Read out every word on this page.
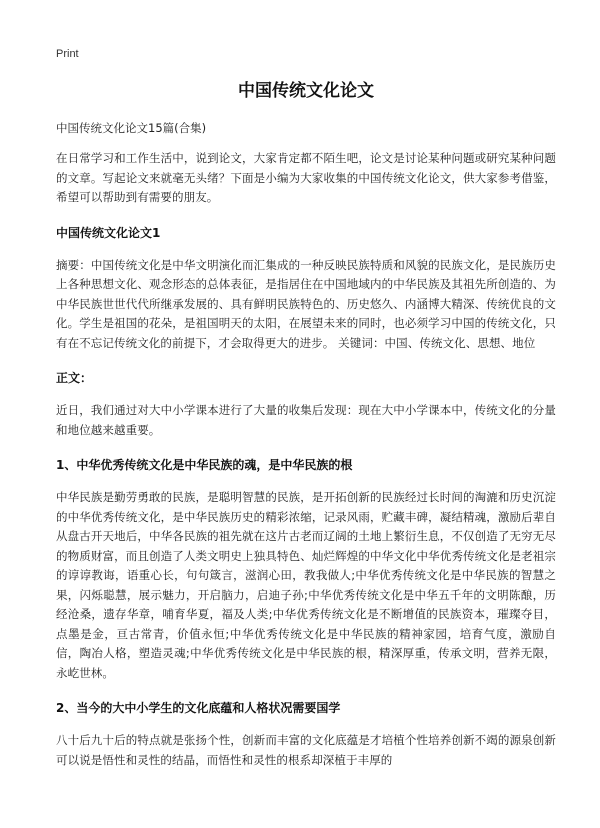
Print
中国传统文化论文
中国传统文化论文15篇(合集)

在日常学习和工作生活中，说到论文，大家肯定都不陌生吧，论文是讨论某种问题或研究某种问题的文章。写起论文来就毫无头绪？下面是小编为大家收集的中国传统文化论文，供大家参考借鉴，希望可以帮助到有需要的朋友。

中国传统文化论文1

摘要：中国传统文化是中华文明演化而汇集成的一种反映民族特质和风貌的民族文化，是民族历史上各种思想文化、观念形态的总体表征，是指居住在中国地域内的中华民族及其祖先所创造的、为中华民族世世代代所继承发展的、具有鲜明民族特色的、历史悠久、内涵博大精深、传统优良的文化。学生是祖国的花朵，是祖国明天的太阳，在展望未来的同时，也必须学习中国的传统文化，只有在不忘记传统文化的前提下，才会取得更大的进步。 关键词：中国、传统文化、思想、地位

正文：

近日，我们通过对大中小学课本进行了大量的收集后发现：现在大中小学课本中，传统文化的分量和地位越来越重要。

1、中华优秀传统文化是中华民族的魂，是中华民族的根

中华民族是勤劳勇敢的民族，是聪明智慧的民族，是开拓创新的民族经过长时间的淘漉和历史沉淀的中华优秀传统文化，是中华民族历史的精彩浓缩，记录风雨，贮藏丰碑，凝结精魂，激励后辈自从盘古开天地后，中华各民族的祖先就在这片古老而辽阔的土地上繁衍生息，不仅创造了无穷无尽的物质财富，而且创造了人类文明史上独具特色、灿烂辉煌的中华文化中华优秀传统文化是老祖宗的谆谆教诲，语重心长，句句箴言，滋润心田，教我做人;中华优秀传统文化是中华民族的智慧之果，闪烁聪慧，展示魅力，开启脑力，启迪子孙;中华优秀传统文化是中华五千年的文明陈酿，历经沧桑，遗存华章，哺育华夏，福及人类;中华优秀传统文化是不断增值的民族资本，璀璨夺目，点墨是金，亘古常青，价值永恒;中华优秀传统文化是中华民族的精神家园，培育气度，激励自信，陶冶人格，塑造灵魂;中华优秀传统文化是中华民族的根，精深厚重，传承文明，营养无限，永屹世林。

2、当今的大中小学生的文化底蕴和人格状况需要国学

八十后九十后的特点就是张扬个性，创新而丰富的文化底蕴是才培植个性培养创新不竭的源泉创新可以说是悟性和灵性的结晶，而悟性和灵性的根系却深植于丰厚的
